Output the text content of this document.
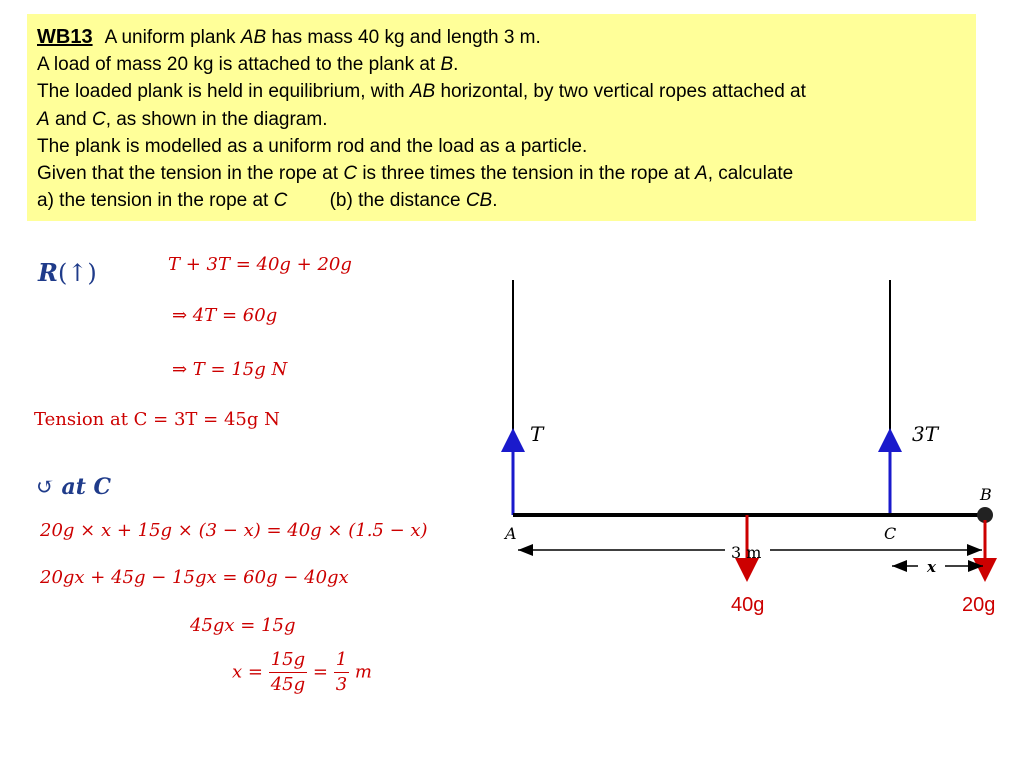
WB13 A uniform plank AB has mass 40 kg and length 3 m.
A load of mass 20 kg is attached to the plank at B.
The loaded plank is held in equilibrium, with AB horizontal, by two vertical ropes attached at
A and C, as shown in the diagram.
The plank is modelled as a uniform rod and the load as a particle.
Given that the tension in the rope at C is three times the tension in the rope at A, calculate
a) the tension in the rope at C        (b) the distance CB.
R(↑)	T + 3T = 40g + 20g
⇒ 4T = 60g
⇒ T = 15g N
Tension at C = 3T = 45g N
↺ at C
20g × x + 15g × (3 − x) = 40g × (1.5 − x)
20gx + 45g − 15gx = 60g − 40gx
45gx = 15g
$x = \frac{15g}{45g} = \frac{1}{3}$ m
T	3T
A
B
C
3 m
x
40g	20g
